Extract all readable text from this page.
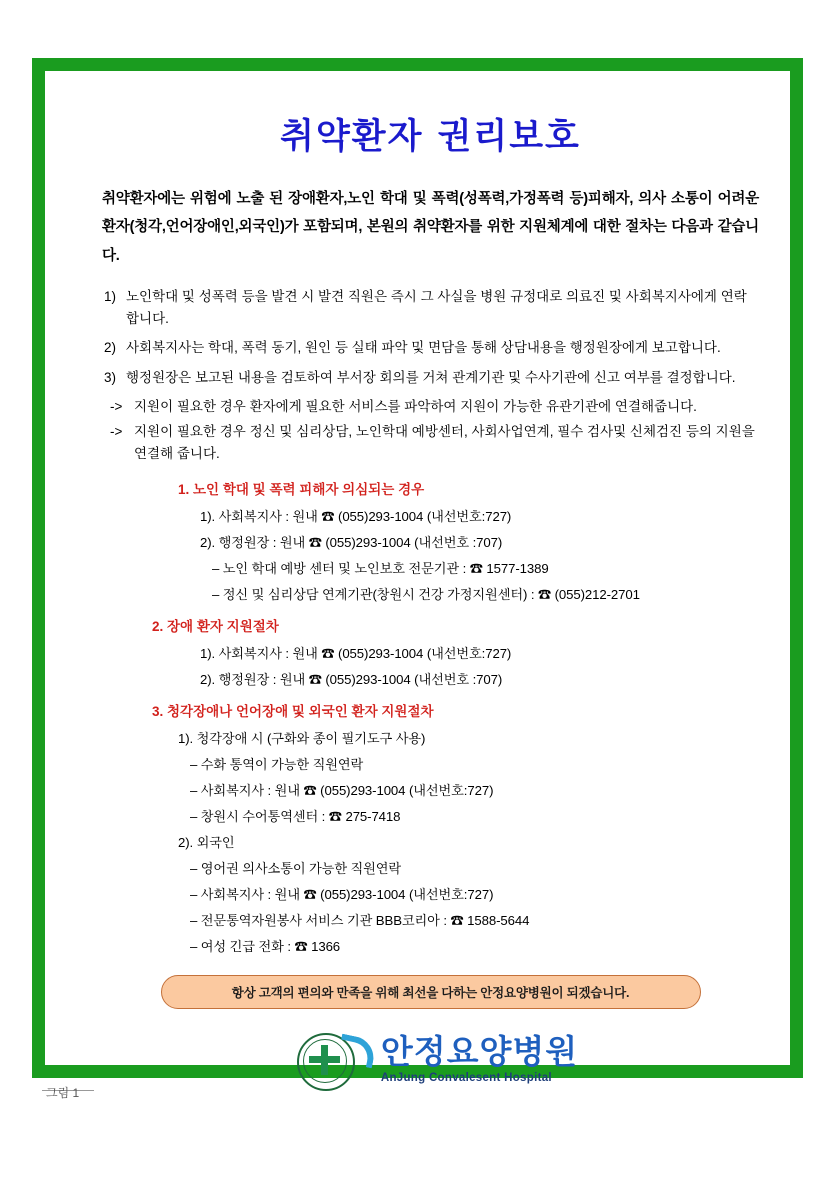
취약환자 권리보호

취약환자에는 위험에 노출 된 장애환자,노인 학대 및 폭력(성폭력,가정폭력 등)피해자, 의사 소통이 어려운 환자(청각,언어장애인,외국인)가 포함되며, 본원의 취약환자를 위한 지원체계에 대한 절차는 다음과 같습니다.

1) 노인학대 및 성폭력 등을 발견 시 발견 직원은 즉시 그 사실을 병원 규정대로 의료진 및 사회복지사에게 연락 합니다.
2) 사회복지사는 학대, 폭력 동기, 원인 등 실태 파악 및 면담을 통해 상담내용을 행정원장에게 보고합니다.
3) 행정원장은 보고된 내용을 검토하여 부서장 회의를 거쳐 관계기관 및 수사기관에 신고 여부를 결정합니다.
-> 지원이 필요한 경우 환자에게 필요한 서비스를 파악하여 지원이 가능한 유관기관에 연결해줍니다.
-> 지원이 필요한 경우 정신 및 심리상담, 노인학대 예방센터, 사회사업연계, 필수 검사및 신체검진 등의 지원을 연결해 줍니다.
1. 노인 학대 및 폭력 피해자 의심되는 경우
1). 사회복지사 : 원내 ☎ (055)293-1004 (내선번호:727)
2). 행정원장 : 원내 ☎ (055)293-1004 (내선번호 :707)
– 노인 학대 예방 센터 및 노인보호 전문기관 : ☎ 1577-1389
– 정신 및 심리상담 연계기관(창원시 건강 가정지원센터) : ☎ (055)212-2701
2. 장애 환자 지원절차
1). 사회복지사 : 원내 ☎ (055)293-1004 (내선번호:727)
2). 행정원장 : 원내 ☎ (055)293-1004 (내선번호 :707)
3. 청각장애나 언어장애 및 외국인 환자 지원절차
1). 청각장애 시 (구화와 종이 필기도구 사용)
– 수화 통역이 가능한 직원연락
– 사회복지사 : 원내 ☎ (055)293-1004 (내선번호:727)
– 창원시 수어통역센터 : ☎ 275-7418
2). 외국인
– 영어권 의사소통이 가능한 직원연락
– 사회복지사 : 원내 ☎ (055)293-1004 (내선번호:727)
– 전문통역자원봉사 서비스 기관 BBB코리아 : ☎ 1588-5644
– 여성 긴급 전화 : ☎ 1366
항상 고객의 편의와 만족을 위해 최선을 다하는 안정요양병원이 되겠습니다.
안정요양병원
AnJung Convalesent Hospital
그림 1
